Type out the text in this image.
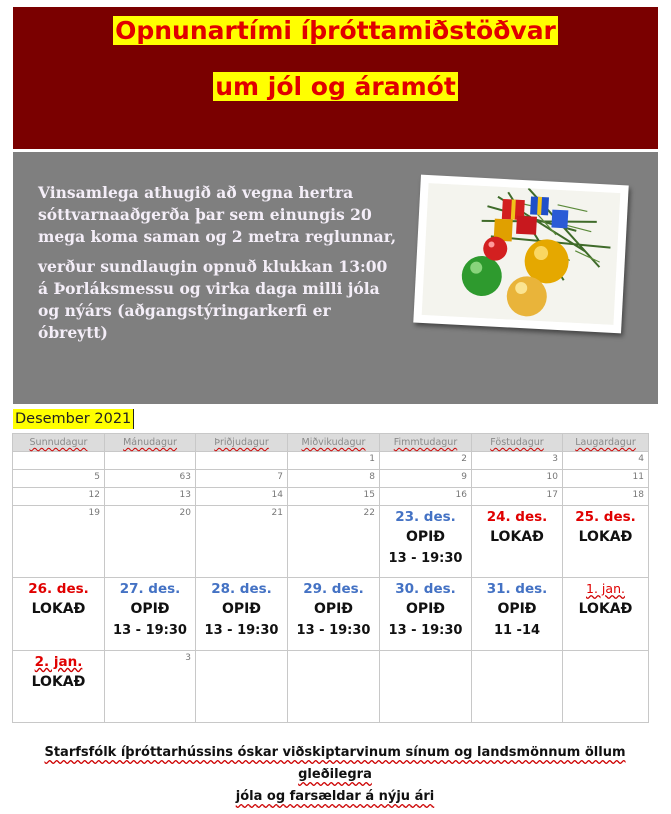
Opnunartími íþróttamiðstöðvar
um jól og áramót

Vinsamlega athugið að vegna hertra sóttvarnaaðgerða þar sem einungis 20 mega koma saman og 2 metra reglunnar,

verður sundlaugin opnuð klukkan 13:00 á Þorláksmessu og virka daga milli jóla og nýárs (aðgangstýringarkerfi er óbreytt)

Desember 2021
Sunnudagur	Mánudagur	Þriðjudagur	Miðvikudagur	Fimmtudagur	Föstudagur	Laugardagur

			1	2	3	4

5	63	7	8	9	10	11

12	13	14	15	16	17	18

19	20	21	22	23. des.
OPIÐ
13 - 19:30	24. des.
LOKAÐ	25. des.
LOKAÐ

26. des.
LOKAÐ	27. des.
OPIÐ
13 - 19:30	28. des.
OPIÐ
13 - 19:30	29. des.
OPIÐ
13 - 19:30	30. des.
OPIÐ
13 - 19:30	31. des.
OPIÐ
11 -14	1. jan.
LOKAÐ

2. jan.
LOKAÐ	3					

Starfsfólk íþróttarhússins óskar viðskiptarvinum sínum og landsmönnum öllum gleðilegra
jóla og farsældar á nýju ári
